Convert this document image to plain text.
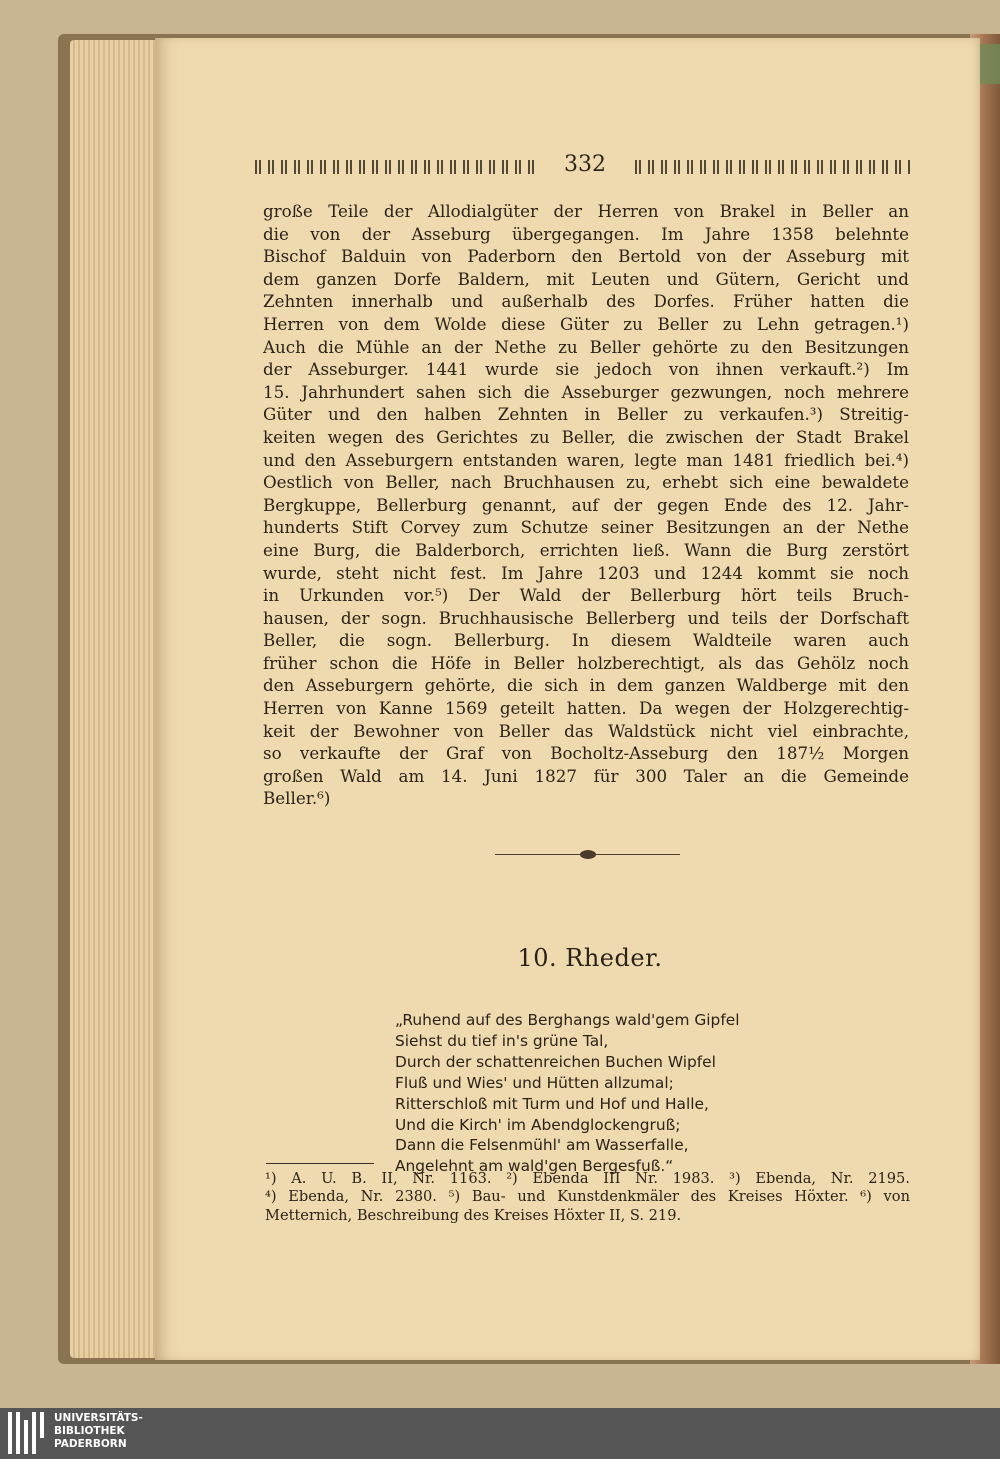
332
große Teile der Allodialgüter der Herren von Brakel in Beller an
die von der Asseburg übergegangen. Im Jahre 1358 belehnte
Bischof Balduin von Paderborn den Bertold von der Asseburg mit
dem ganzen Dorfe Baldern, mit Leuten und Gütern, Gericht und
Zehnten innerhalb und außerhalb des Dorfes. Früher hatten die
Herren von dem Wolde diese Güter zu Beller zu Lehn getragen.¹)
Auch die Mühle an der Nethe zu Beller gehörte zu den Besitzungen
der Asseburger. 1441 wurde sie jedoch von ihnen verkauft.²) Im
15. Jahrhundert sahen sich die Asseburger gezwungen, noch mehrere
Güter und den halben Zehnten in Beller zu verkaufen.³) Streitig-
keiten wegen des Gerichtes zu Beller, die zwischen der Stadt Brakel
und den Asseburgern entstanden waren, legte man 1481 friedlich bei.⁴)
Oestlich von Beller, nach Bruchhausen zu, erhebt sich eine bewaldete
Bergkuppe, Bellerburg genannt, auf der gegen Ende des 12. Jahr-
hunderts Stift Corvey zum Schutze seiner Besitzungen an der Nethe
eine Burg, die Balderborch, errichten ließ. Wann die Burg zerstört
wurde, steht nicht fest. Im Jahre 1203 und 1244 kommt sie noch
in Urkunden vor.⁵) Der Wald der Bellerburg hört teils Bruch-
hausen, der sogn. Bruchhausische Bellerberg und teils der Dorfschaft
Beller, die sogn. Bellerburg. In diesem Waldteile waren auch
früher schon die Höfe in Beller holzberechtigt, als das Gehölz noch
den Asseburgern gehörte, die sich in dem ganzen Waldberge mit den
Herren von Kanne 1569 geteilt hatten. Da wegen der Holzgerechtig-
keit der Bewohner von Beller das Waldstück nicht viel einbrachte,
so verkaufte der Graf von Bocholtz-Asseburg den 187½ Morgen
großen Wald am 14. Juni 1827 für 300 Taler an die Gemeinde
Beller.⁶)
10. Rheder.
„Ruhend auf des Berghangs wald'gem Gipfel
Siehst du tief in's grüne Tal,
Durch der schattenreichen Buchen Wipfel
Fluß und Wies' und Hütten allzumal;
Ritterschloß mit Turm und Hof und Halle,
Und die Kirch' im Abendglockengruß;
Dann die Felsenmühl' am Wasserfalle,
Angelehnt am wald'gen Bergesfuß.“
¹) A. U. B. II, Nr. 1163. ²) Ebenda III Nr. 1983. ³) Ebenda, Nr. 2195.
⁴) Ebenda, Nr. 2380. ⁵) Bau- und Kunstdenkmäler des Kreises Höxter. ⁶) von
Metternich, Beschreibung des Kreises Höxter II, S. 219.
UNIVERSITÄTS-
BIBLIOTHEK
PADERBORN
